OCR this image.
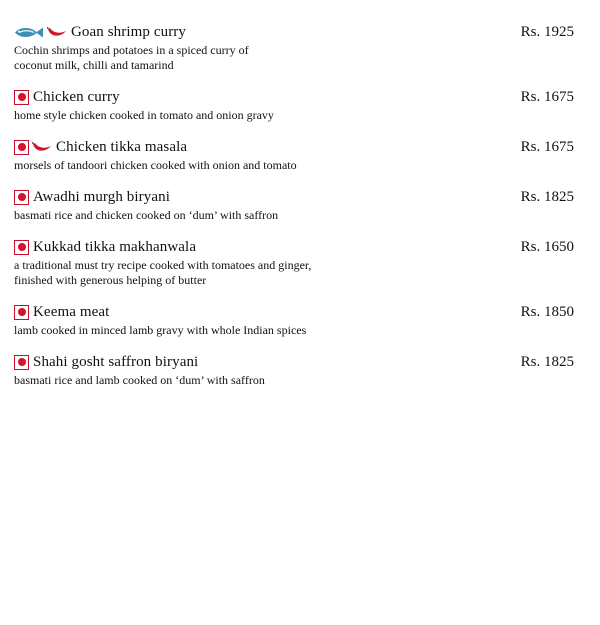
Goan shrimp curry	Rs. 1925
Cochin shrimps and potatoes in a spiced curry of
coconut milk, chilli and tamarind
Chicken curry	Rs. 1675
home style chicken cooked in tomato and onion gravy
Chicken tikka masala	Rs. 1675
morsels of tandoori chicken cooked with onion and tomato
Awadhi murgh biryani	Rs. 1825
basmati rice and chicken cooked on ‘dum’ with saffron
Kukkad tikka makhanwala	Rs. 1650
a traditional must try recipe cooked with tomatoes and ginger,
finished with generous helping of butter
Keema meat	Rs. 1850
lamb cooked in minced lamb gravy with whole Indian spices
Shahi gosht saffron biryani	Rs. 1825
basmati rice and lamb cooked on ‘dum’ with saffron
